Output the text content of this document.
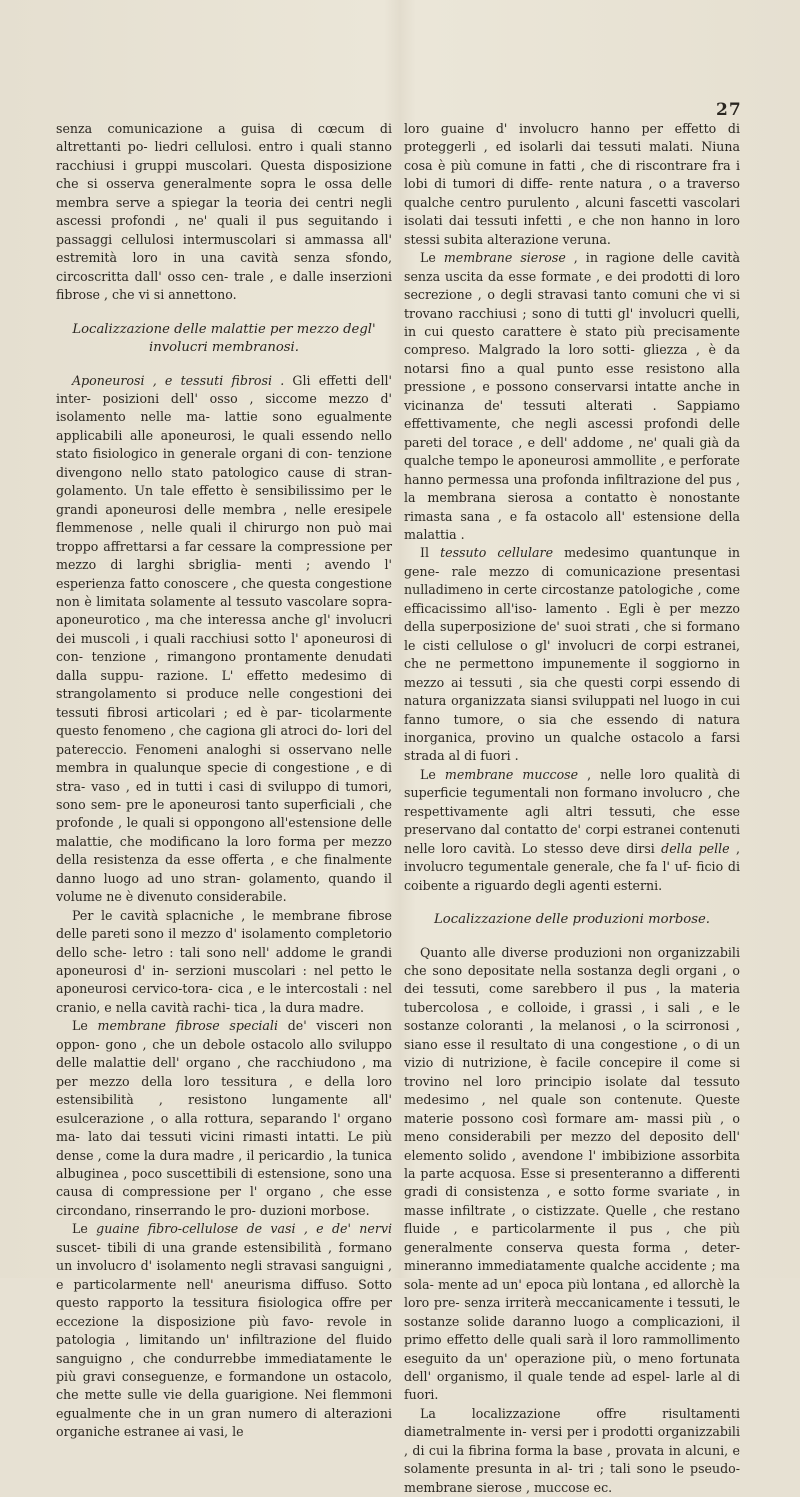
27

senza comunicazione a guisa di cœcum di altrettanti po- liedri cellulosi. entro i quali stanno racchiusi i gruppi muscolari. Questa disposizione che si osserva generalmente sopra le ossa delle membra serve a spiegar la teoria dei centri negli ascessi profondi , ne' quali il pus seguitando i passaggi cellulosi intermuscolari si ammassa all' estremità loro in una cavità senza sfondo, circoscritta dall' osso cen- trale , e dalle inserzioni fibrose , che vi si annettono.

Localizzazione delle malattie per mezzo degl' involucri membranosi.

Aponeurosi , e tessuti fibrosi . Gli effetti dell' inter- posizioni dell' osso , siccome mezzo d' isolamento nelle ma- lattie sono egualmente applicabili alle aponeurosi, le quali essendo nello stato fisiologico in generale organi di con- tenzione divengono nello stato patologico cause di stran- golamento. Un tale effetto è sensibilissimo per le grandi aponeurosi delle membra , nelle eresipele flemmenose , nelle quali il chirurgo non può mai troppo affrettarsi a far cessare la compressione per mezzo di larghi sbriglia- menti ; avendo l' esperienza fatto conoscere , che questa congestione non è limitata solamente al tessuto vascolare sopra-aponeurotico , ma che interessa anche gl' involucri dei muscoli , i quali racchiusi sotto l' aponeurosi di con- tenzione , rimangono prontamente denudati dalla suppu- razione. L' effetto medesimo di strangolamento si produce nelle congestioni dei tessuti fibrosi articolari ; ed è par- ticolarmente questo fenomeno , che cagiona gli atroci do- lori del patereccio. Fenomeni analoghi si osservano nelle membra in qualunque specie di congestione , e di stra- vaso , ed in tutti i casi di sviluppo di tumori, sono sem- pre le aponeurosi tanto superficiali , che profonde , le quali si oppongono all'estensione delle malattie, che modificano la loro forma per mezzo della resistenza da esse offerta , e che finalmente danno luogo ad uno stran- golamento, quando il volume ne è divenuto considerabile.

Per le cavità splacniche , le membrane fibrose delle pareti sono il mezzo d' isolamento completorio dello sche- letro : tali sono nell' addome le grandi aponeurosi d' in- serzioni muscolari : nel petto le aponeurosi cervico-tora- cica , e le intercostali : nel cranio, e nella cavità rachi- tica , la dura madre.

Le membrane fibrose speciali de' visceri non oppon- gono , che un debole ostacolo allo sviluppo delle malattie dell' organo , che racchiudono , ma per mezzo della loro tessitura , e della loro estensibilità , resistono lungamente all' esulcerazione , o alla rottura, separando l' organo ma- lato dai tessuti vicini rimasti intatti. Le più dense , come la dura madre , il pericardio , la tunica albuginea , poco suscettibili di estensione, sono una causa di compressione per l' organo , che esse circondano, rinserrando le pro- duzioni morbose.

Le guaine fibro-cellulose de vasi , e de' nervi suscet- tibili di una grande estensibilità , formano un involucro d' isolamento negli stravasi sanguigni , e particolarmente nell' aneurisma diffuso. Sotto questo rapporto la tessitura fisiologica offre per eccezione la disposizione più favo- revole in patologia , limitando un' infiltrazione del fluido sanguigno , che condurrebbe immediatamente le più gravi conseguenze, e formandone un ostacolo, che mette sulle vie della guarigione. Nei flemmoni egualmente che in un gran numero di alterazioni organiche estranee ai vasi, le

loro guaine d' involucro hanno per effetto di proteggerli , ed isolarli dai tessuti malati. Niuna cosa è più comune in fatti , che di riscontrare fra i lobi di tumori di diffe- rente natura , o a traverso qualche centro purulento , alcuni fascetti vascolari isolati dai tessuti infetti , e che non hanno in loro stessi subita alterazione veruna.

Le membrane sierose , in ragione delle cavità senza uscita da esse formate , e dei prodotti di loro secrezione , o degli stravasi tanto comuni che vi si trovano racchiusi ; sono di tutti gl' involucri quelli, in cui questo carattere è stato più precisamente compreso. Malgrado la loro sotti- gliezza , è da notarsi fino a qual punto esse resistono alla pressione , e possono conservarsi intatte anche in vicinanza de' tessuti alterati . Sappiamo effettivamente, che negli ascessi profondi delle pareti del torace , e dell' addome , ne' quali già da qualche tempo le aponeurosi ammollite , e perforate hanno permessa una profonda infiltrazione del pus , la membrana sierosa a contatto è nonostante rimasta sana , e fa ostacolo all' estensione della malattia .

Il tessuto cellulare medesimo quantunque in gene- rale mezzo di comunicazione presentasi nulladimeno in certe circostanze patologiche , come efficacissimo all'iso- lamento . Egli è per mezzo della superposizione de' suoi strati , che si formano le cisti cellulose o gl' involucri de corpi estranei, che ne permettono impunemente il soggiorno in mezzo ai tessuti , sia che questi corpi essendo di natura organizzata siansi sviluppati nel luogo in cui fanno tumore, o sia che essendo di natura inorganica, provino un qualche ostacolo a farsi strada al di fuori .

Le membrane muccose , nelle loro qualità di superficie tegumentali non formano involucro , che respettivamente agli altri tessuti, che esse preservano dal contatto de' corpi estranei contenuti nelle loro cavità. Lo stesso deve dirsi della pelle , involucro tegumentale generale, che fa l' uf- ficio di coibente a riguardo degli agenti esterni.

Localizzazione delle produzioni morbose.

Quanto alle diverse produzioni non organizzabili che sono depositate nella sostanza degli organi , o dei tessuti, come sarebbero il pus , la materia tubercolosa , e colloide, i grassi , i sali , e le sostanze coloranti , la melanosi , o la scirronosi , siano esse il resultato di una congestione , o di un vizio di nutrizione, è facile concepire il come si trovino nel loro principio isolate dal tessuto medesimo , nel quale son contenute. Queste materie possono così formare am- massi più , o meno considerabili per mezzo del deposito dell' elemento solido , avendone l' imbibizione assorbita la parte acquosa. Esse si presenteranno a differenti gradi di consistenza , e sotto forme svariate , in masse infiltrate , o cistizzate. Quelle , che restano fluide , e particolarmente il pus , che più generalmente conserva questa forma , deter- mineranno immediatamente qualche accidente ; ma sola- mente ad un' epoca più lontana , ed allorchè la loro pre- senza irriterà meccanicamente i tessuti, le sostanze solide daranno luogo a complicazioni, il primo effetto delle quali sarà il loro rammollimento eseguito da un' operazione più, o meno fortunata dell' organismo, il quale tende ad espel- larle al di fuori.

La localizzazione offre risultamenti diametralmente in- versi per i prodotti organizzabili , di cui la fibrina forma la base , provata in alcuni, e solamente presunta in al- tri ; tali sono le pseudo-membrane sierose , muccose ec.
